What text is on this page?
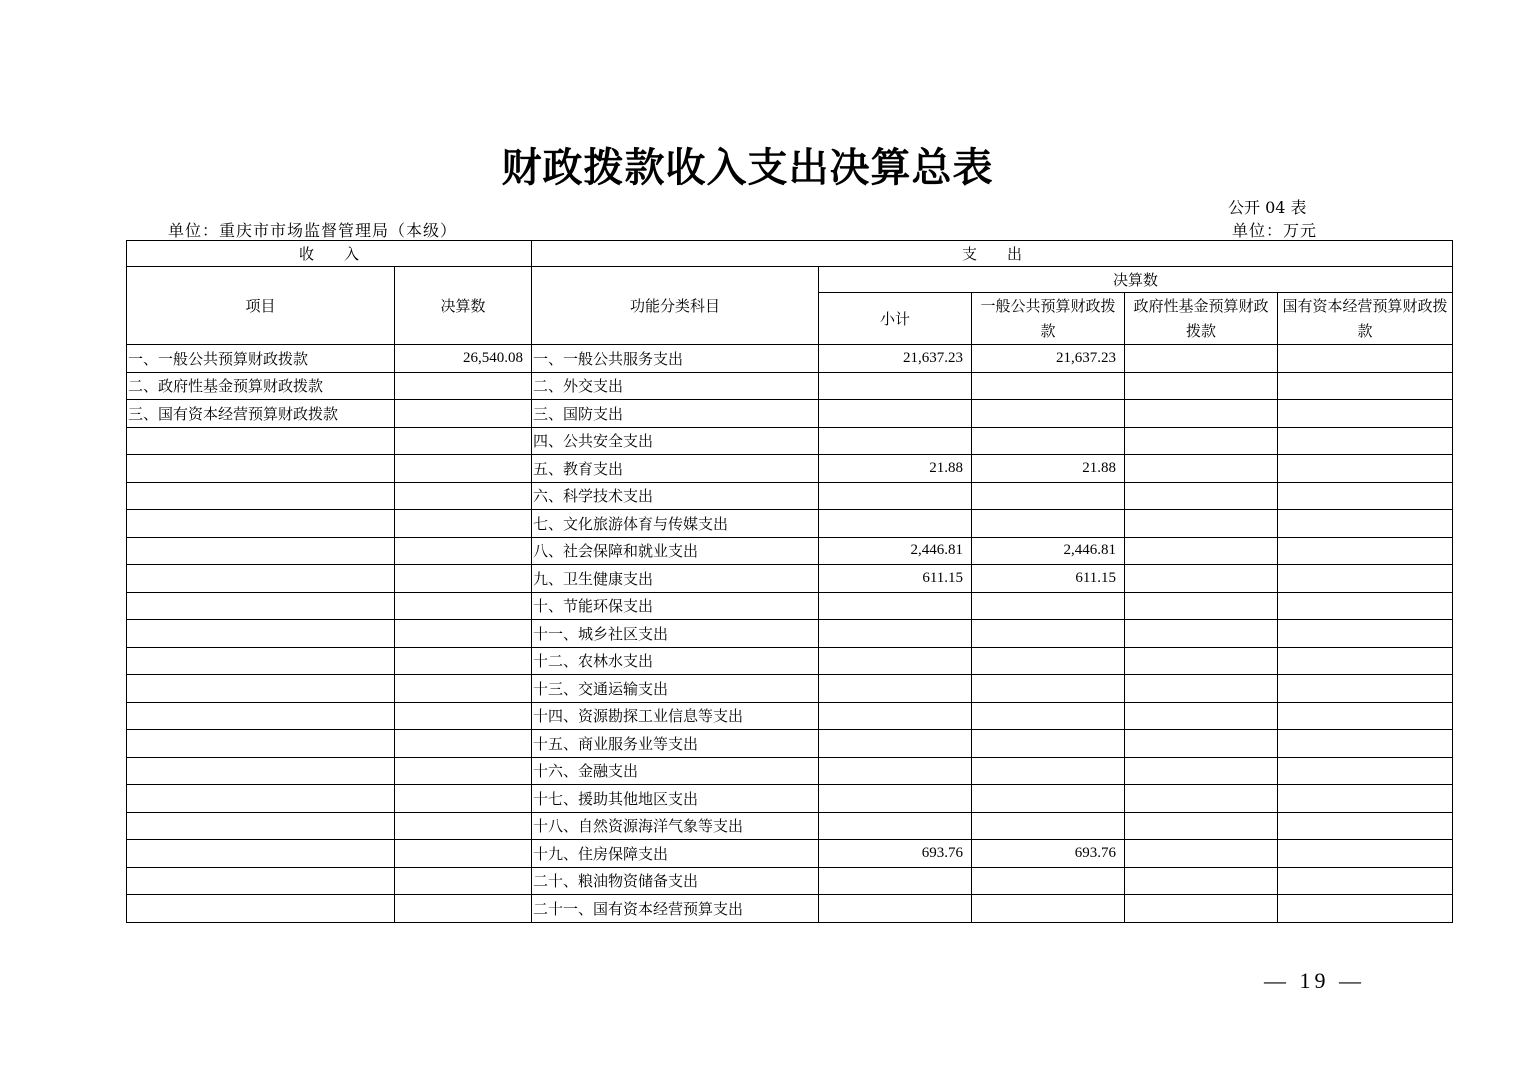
财政拨款收入支出决算总表
公开 04 表
单位：重庆市市场监督管理局（本级）	单位：万元
收　　入		支　　出				
项目	决算数	功能分类科目	决算数			
			小计	一般公共预算财政拨款	政府性基金预算财政拨款	国有资本经营预算财政拨款

一、一般公共预算财政拨款	26,540.08	一、一般公共服务支出	21,637.23	21,637.23		
二、政府性基金预算财政拨款		二、外交支出				
三、国有资本经营预算财政拨款		三、国防支出				
		四、公共安全支出				
		五、教育支出	21.88	21.88		
		六、科学技术支出				
		七、文化旅游体育与传媒支出				
		八、社会保障和就业支出	2,446.81	2,446.81		
		九、卫生健康支出	611.15	611.15		
		十、节能环保支出				
		十一、城乡社区支出				
		十二、农林水支出				
		十三、交通运输支出				
		十四、资源勘探工业信息等支出				
		十五、商业服务业等支出				
		十六、金融支出				
		十七、援助其他地区支出				
		十八、自然资源海洋气象等支出				
		十九、住房保障支出	693.76	693.76		
		二十、粮油物资储备支出				
		二十一、国有资本经营预算支出				
— 19 —
